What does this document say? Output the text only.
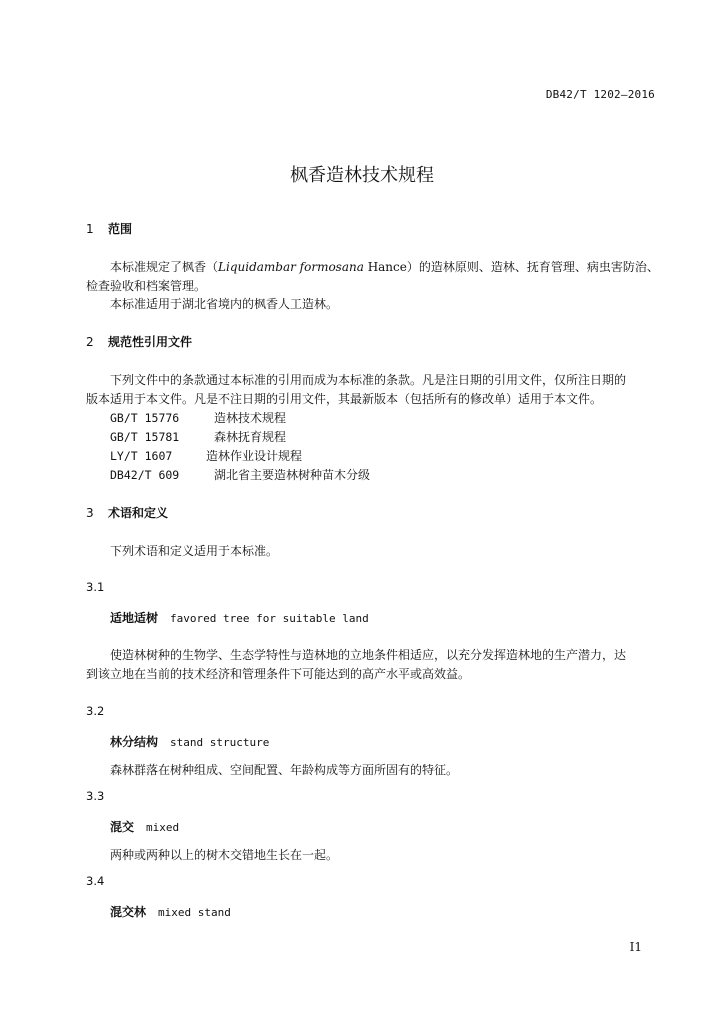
DB42/T 1202—2016
枫香造林技术规程
1 范围
本标准规定了枫香（Liquidambar formosana Hance）的造林原则、造林、抚育管理、病虫害防治、
检查验收和档案管理。
本标准适用于湖北省境内的枫香人工造林。
2 规范性引用文件
下列文件中的条款通过本标准的引用而成为本标准的条款。凡是注日期的引用文件，仅所注日期的
版本适用于本文件。凡是不注日期的引用文件，其最新版本（包括所有的修改单）适用于本文件。
GB/T 15776	造林技术规程
GB/T 15781	森林抚育规程
LY/T 1607	造林作业设计规程
DB42/T 609	湖北省主要造林树种苗木分级
3 术语和定义
下列术语和定义适用于本标准。
3.1
适地适树 favored tree for suitable land
使造林树种的生物学、生态学特性与造林地的立地条件相适应，以充分发挥造林地的生产潜力，达
到该立地在当前的技术经济和管理条件下可能达到的高产水平或高效益。
3.2
林分结构 stand structure
森林群落在树种组成、空间配置、年龄构成等方面所固有的特征。
3.3
混交 mixed
两种或两种以上的树木交错地生长在一起。
3.4
混交林 mixed stand
I1
